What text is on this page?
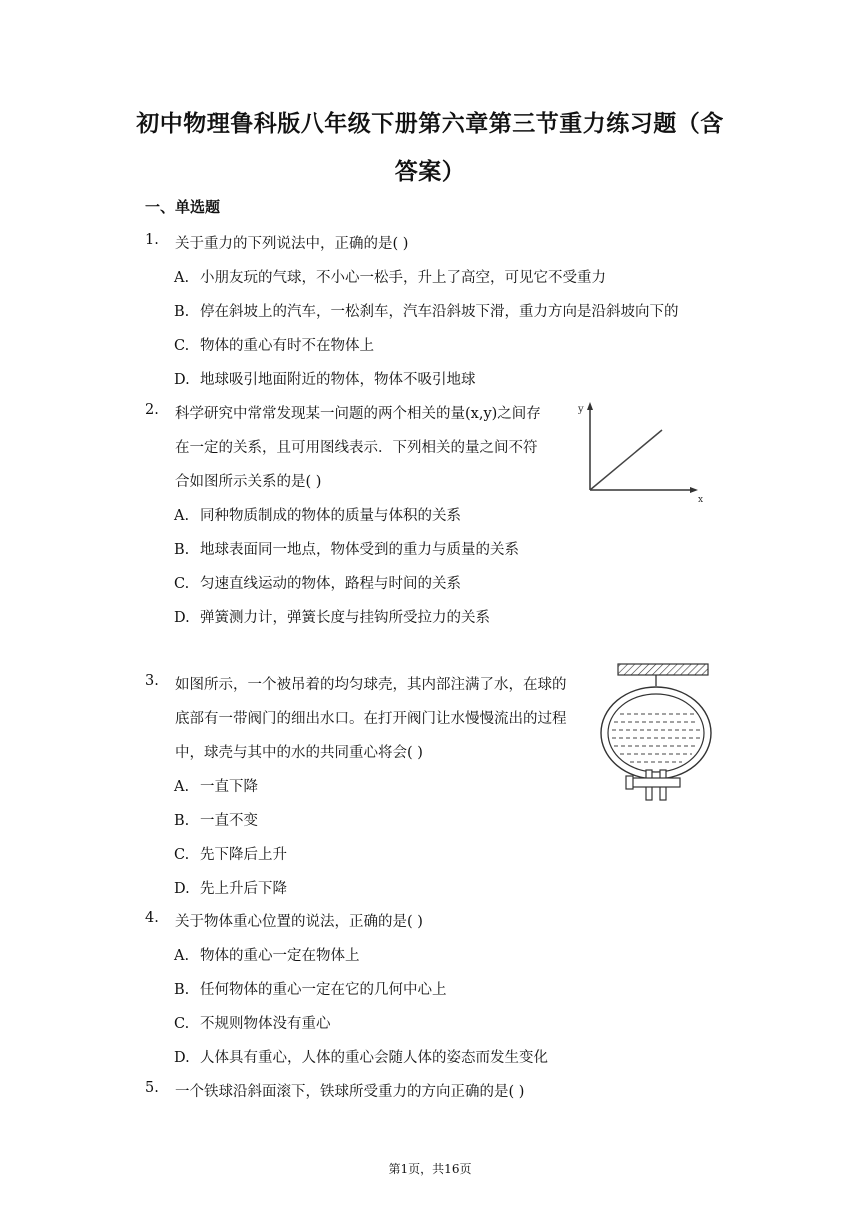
初中物理鲁科版八年级下册第六章第三节重力练习题（含
答案）
一、单选题
1. 关于重力的下列说法中，正确的是( )
A. 小朋友玩的气球，不小心一松手，升上了高空，可见它不受重力
B. 停在斜坡上的汽车，一松刹车，汽车沿斜坡下滑，重力方向是沿斜坡向下的
C. 物体的重心有时不在物体上
D. 地球吸引地面附近的物体，物体不吸引地球
2. 科学研究中常常发现某一问题的两个相关的量(x,y)之间存
在一定的关系，且可用图线表示．下列相关的量之间不符
合如图所示关系的是( )
y
x
A. 同种物质制成的物体的质量与体积的关系
B. 地球表面同一地点，物体受到的重力与质量的关系
C. 匀速直线运动的物体，路程与时间的关系
D. 弹簧测力计，弹簧长度与挂钩所受拉力的关系
3. 如图所示，一个被吊着的均匀球壳，其内部注满了水，在球的
底部有一带阀门的细出水口。在打开阀门让水慢慢流出的过程
中，球壳与其中的水的共同重心将会( )
A. 一直下降
B. 一直不变
C. 先下降后上升
D. 先上升后下降
4. 关于物体重心位置的说法，正确的是( )
A. 物体的重心一定在物体上
B. 任何物体的重心一定在它的几何中心上
C. 不规则物体没有重心
D. 人体具有重心，人体的重心会随人体的姿态而发生变化
5. 一个铁球沿斜面滚下，铁球所受重力的方向正确的是( )
第1页，共16页
